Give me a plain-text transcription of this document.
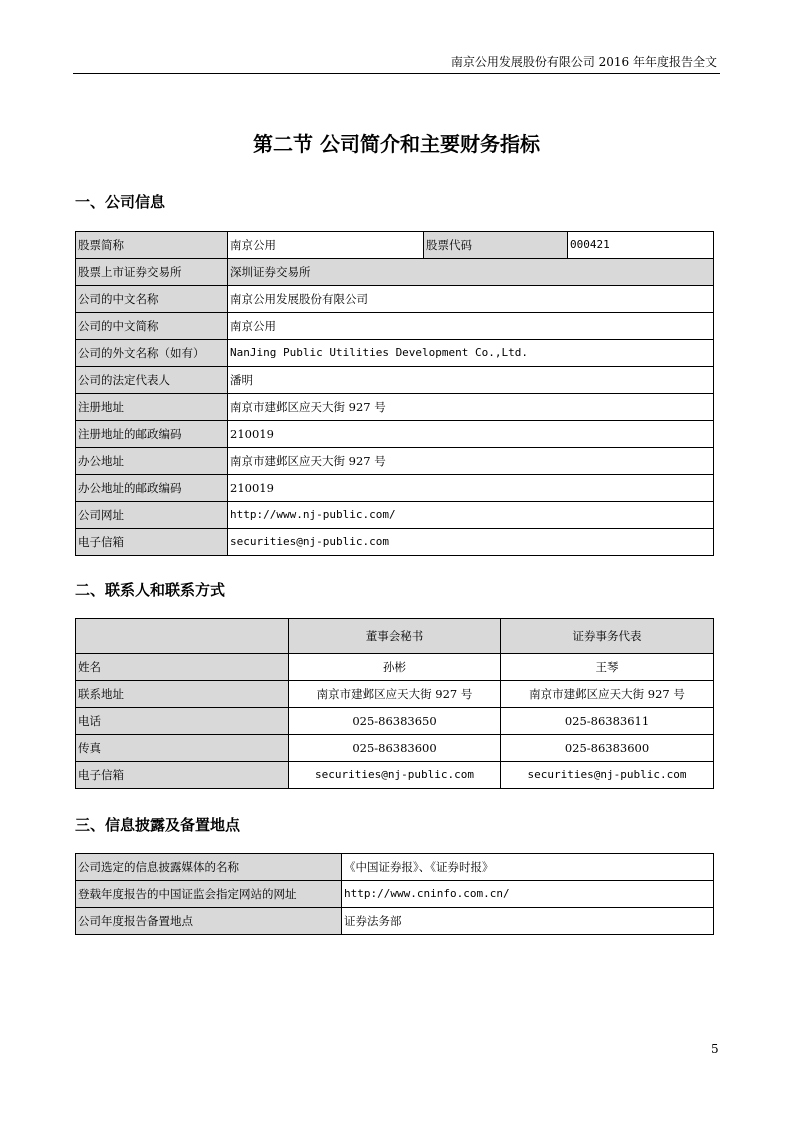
南京公用发展股份有限公司 2016 年年度报告全文
第二节 公司简介和主要财务指标
一、公司信息
股票简称	南京公用	股票代码	000421
股票上市证券交易所	深圳证券交易所		
公司的中文名称	南京公用发展股份有限公司		
公司的中文简称	南京公用		
公司的外文名称（如有）	NanJing Public Utilities Development Co.,Ltd.		
公司的法定代表人	潘明		
注册地址	南京市建邺区应天大街 927 号		
注册地址的邮政编码	210019		
办公地址	南京市建邺区应天大街 927 号		
办公地址的邮政编码	210019		
公司网址	http://www.nj-public.com/		
电子信箱	securities@nj-public.com		
二、联系人和联系方式
	董事会秘书	证券事务代表
姓名	孙彬	王琴
联系地址	南京市建邺区应天大街 927 号	南京市建邺区应天大街 927 号
电话	025-86383650	025-86383611
传真	025-86383600	025-86383600
电子信箱	securities@nj-public.com	securities@nj-public.com
三、信息披露及备置地点
公司选定的信息披露媒体的名称	《中国证券报》、《证券时报》
登载年度报告的中国证监会指定网站的网址	http://www.cninfo.com.cn/
公司年度报告备置地点	证券法务部
5
